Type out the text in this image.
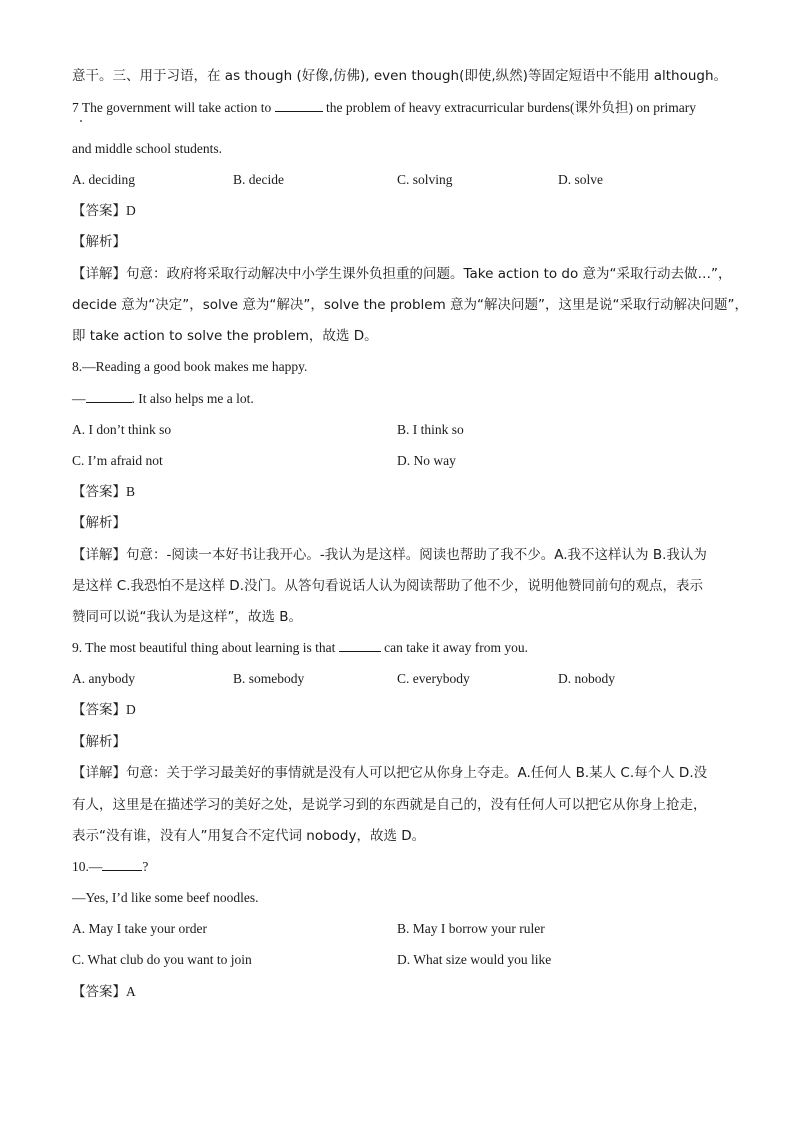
意干。三、用于习语，在 as though (好像,仿佛), even though(即使,纵然)等固定短语中不能用 although。
7 The government will take action to	the problem of heavy extracurricular burdens(课外负担) on primary
and middle school students.
A. deciding	B. decide	C. solving	D. solve
【答案】D
【解析】
【详解】句意：政府将采取行动解决中小学生课外负担重的问题。Take action to do 意为“采取行动去做…”，
decide 意为“决定”，solve 意为“解决”，solve the problem 意为“解决问题”，这里是说“采取行动解决问题”，
即 take action to solve the problem，故选 D。
8.—Reading a good book makes me happy.
—	. It also helps me a lot.
A. I don’t think so	B. I think so
C. I’m afraid not	D. No way
【答案】B
【解析】
【详解】句意：-阅读一本好书让我开心。-我认为是这样。阅读也帮助了我不少。A.我不这样认为 B.我认为
是这样 C.我恐怕不是这样 D.没门。从答句看说话人认为阅读帮助了他不少，说明他赞同前句的观点，表示
赞同可以说“我认为是这样”，故选 B。
9. The most beautiful thing about learning is that	can take it away from you.
A. anybody	B. somebody	C. everybody	D. nobody
【答案】D
【解析】
【详解】句意：关于学习最美好的事情就是没有人可以把它从你身上夺走。A.任何人 B.某人 C.每个人 D.没
有人，这里是在描述学习的美好之处，是说学习到的东西就是自己的，没有任何人可以把它从你身上抢走，
表示“没有谁，没有人”用复合不定代词 nobody，故选 D。
10.—	?
—Yes, I’d like some beef noodles.
A. May I take your order	B. May I borrow your ruler
C. What club do you want to join	D. What size would you like
【答案】A
